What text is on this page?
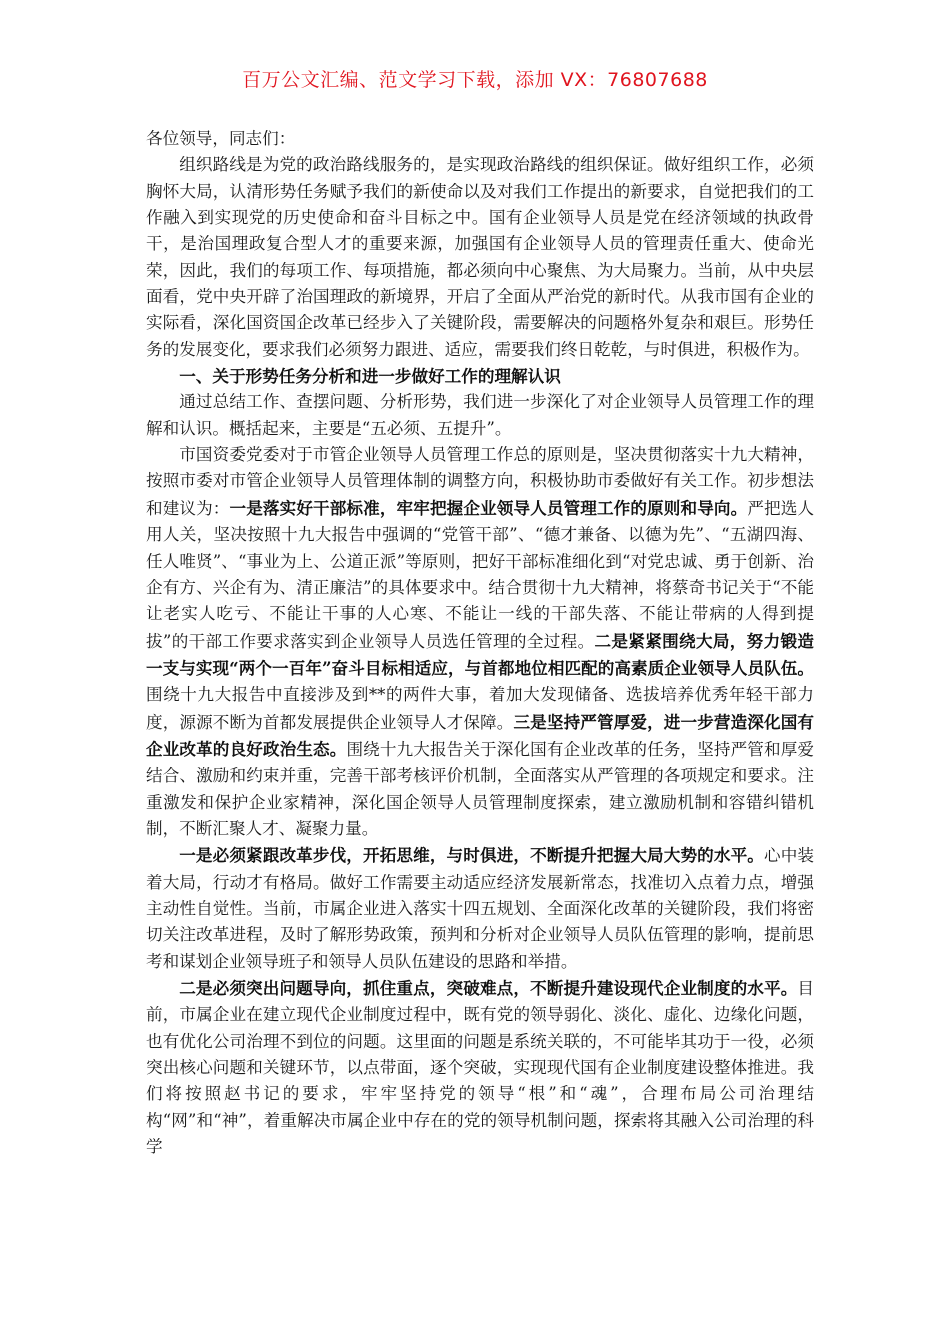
百万公文汇编、范文学习下载，添加 VX：76807688

各位领导，同志们：

组织路线是为党的政治路线服务的，是实现政治路线的组织保证。做好组织工作，必须胸怀大局，认清形势任务赋予我们的新使命以及对我们工作提出的新要求，自觉把我们的工作融入到实现党的历史使命和奋斗目标之中。国有企业领导人员是党在经济领域的执政骨干，是治国理政复合型人才的重要来源，加强国有企业领导人员的管理责任重大、使命光荣，因此，我们的每项工作、每项措施，都必须向中心聚焦、为大局聚力。当前，从中央层面看，党中央开辟了治国理政的新境界，开启了全面从严治党的新时代。从我市国有企业的实际看，深化国资国企改革已经步入了关键阶段，需要解决的问题格外复杂和艰巨。形势任务的发展变化，要求我们必须努力跟进、适应，需要我们终日乾乾，与时俱进，积极作为。

一、关于形势任务分析和进一步做好工作的理解认识

通过总结工作、查摆问题、分析形势，我们进一步深化了对企业领导人员管理工作的理解和认识。概括起来，主要是“五必须、五提升”。

市国资委党委对于市管企业领导人员管理工作总的原则是，坚决贯彻落实十九大精神，按照市委对市管企业领导人员管理体制的调整方向，积极协助市委做好有关工作。初步想法和建议为：一是落实好干部标准，牢牢把握企业领导人员管理工作的原则和导向。严把选人用人关，坚决按照十九大报告中强调的“党管干部”、“德才兼备、以德为先”、“五湖四海、任人唯贤”、“事业为上、公道正派”等原则，把好干部标准细化到“对党忠诚、勇于创新、治企有方、兴企有为、清正廉洁”的具体要求中。结合贯彻十九大精神，将蔡奇书记关于“不能让老实人吃亏、不能让干事的人心寒、不能让一线的干部失落、不能让带病的人得到提拔”的干部工作要求落实到企业领导人员选任管理的全过程。二是紧紧围绕大局，努力锻造一支与实现“两个一百年”奋斗目标相适应，与首都地位相匹配的高素质企业领导人员队伍。围绕十九大报告中直接涉及到**的两件大事，着加大发现储备、选拔培养优秀年轻干部力度，源源不断为首都发展提供企业领导人才保障。三是坚持严管厚爱，进一步营造深化国有企业改革的良好政治生态。围绕十九大报告关于深化国有企业改革的任务，坚持严管和厚爱结合、激励和约束并重，完善干部考核评价机制，全面落实从严管理的各项规定和要求。注重激发和保护企业家精神，深化国企领导人员管理制度探索，建立激励机制和容错纠错机制，不断汇聚人才、凝聚力量。

一是必须紧跟改革步伐，开拓思维，与时俱进，不断提升把握大局大势的水平。心中装着大局，行动才有格局。做好工作需要主动适应经济发展新常态，找准切入点着力点，增强主动性自觉性。当前，市属企业进入落实十四五规划、全面深化改革的关键阶段，我们将密切关注改革进程，及时了解形势政策，预判和分析对企业领导人员队伍管理的影响，提前思考和谋划企业领导班子和领导人员队伍建设的思路和举措。

二是必须突出问题导向，抓住重点，突破难点，不断提升建设现代企业制度的水平。目前，市属企业在建立现代企业制度过程中，既有党的领导弱化、淡化、虚化、边缘化问题，也有优化公司治理不到位的问题。这里面的问题是系统关联的，不可能毕其功于一役，必须突出核心问题和关键环节，以点带面，逐个突破，实现现代国有企业制度建设整体推进。我们将按照赵书记的要求，牢牢坚持党的领导“根”和“魂”，合理布局公司治理结构“网”和“神”，着重解决市属企业中存在的党的领导机制问题，探索将其融入公司治理的科学
